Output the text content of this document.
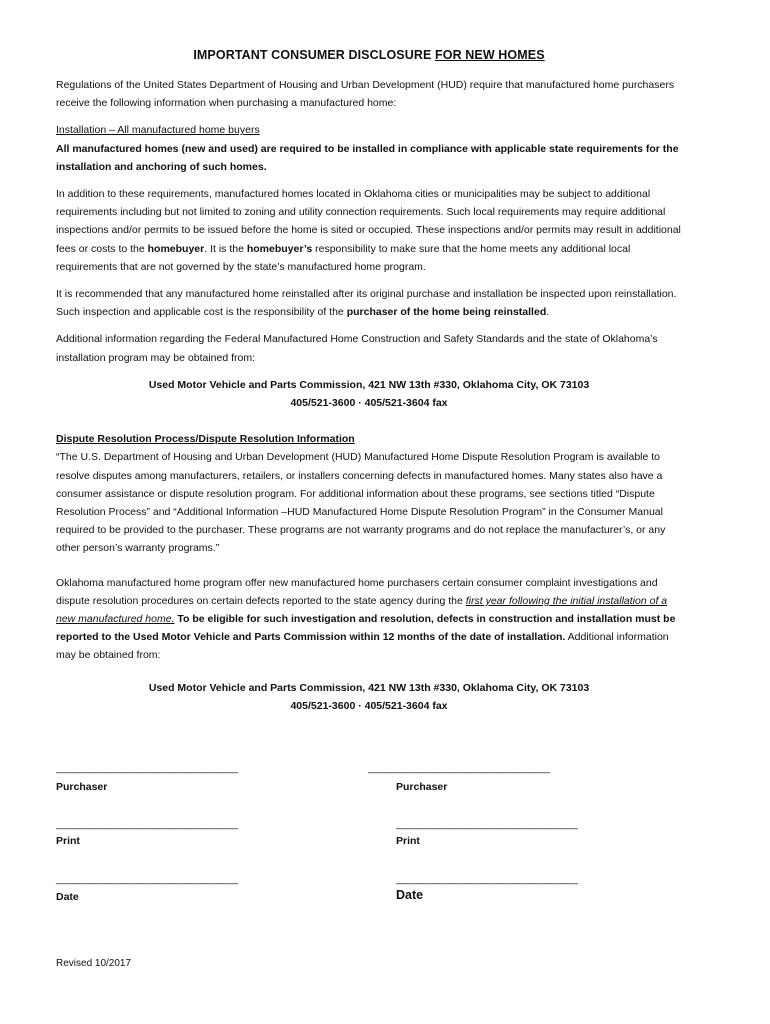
IMPORTANT CONSUMER DISCLOSURE FOR NEW HOMES

Regulations of the United States Department of Housing and Urban Development (HUD) require that manufactured home purchasers receive the following information when purchasing a manufactured home:

Installation – All manufactured home buyers

All manufactured homes (new and used) are required to be installed in compliance with applicable state requirements for the installation and anchoring of such homes.

In addition to these requirements, manufactured homes located in Oklahoma cities or municipalities may be subject to additional requirements including but not limited to zoning and utility connection requirements. Such local requirements may require additional inspections and/or permits to be issued before the home is sited or occupied. These inspections and/or permits may result in additional fees or costs to the homebuyer. It is the homebuyer’s responsibility to make sure that the home meets any additional local requirements that are not governed by the state’s manufactured home program.

It is recommended that any manufactured home reinstalled after its original purchase and installation be inspected upon reinstallation. Such inspection and applicable cost is the responsibility of the purchaser of the home being reinstalled.

Additional information regarding the Federal Manufactured Home Construction and Safety Standards and the state of Oklahoma’s installation program may be obtained from:

Used Motor Vehicle and Parts Commission, 421 NW 13th #330, Oklahoma City, OK 73103
405/521-3600 · 405/521-3604 fax

Dispute Resolution Process/Dispute Resolution Information

“The U.S. Department of Housing and Urban Development (HUD) Manufactured Home Dispute Resolution Program is available to resolve disputes among manufacturers, retailers, or installers concerning defects in manufactured homes. Many states also have a consumer assistance or dispute resolution program. For additional information about these programs, see sections titled “Dispute Resolution Process” and “Additional Information –HUD Manufactured Home Dispute Resolution Program” in the Consumer Manual required to be provided to the purchaser. These programs are not warranty programs and do not replace the manufacturer’s, or any other person’s warranty programs.”

Oklahoma manufactured home program offer new manufactured home purchasers certain consumer complaint investigations and dispute resolution procedures on certain defects reported to the state agency during the first year following the initial installation of a new manufactured home. To be eligible for such investigation and resolution, defects in construction and installation must be reported to the Used Motor Vehicle and Parts Commission within 12 months of the date of installation. Additional information may be obtained from:

Used Motor Vehicle and Parts Commission, 421 NW 13th #330, Oklahoma City, OK 73103
405/521-3600 · 405/521-3604 fax
__________________________________	__________________________________
Purchaser	Purchaser
__________________________________	__________________________________
Print	Print
__________________________________	__________________________________
Date	Date
Revised 10/2017
